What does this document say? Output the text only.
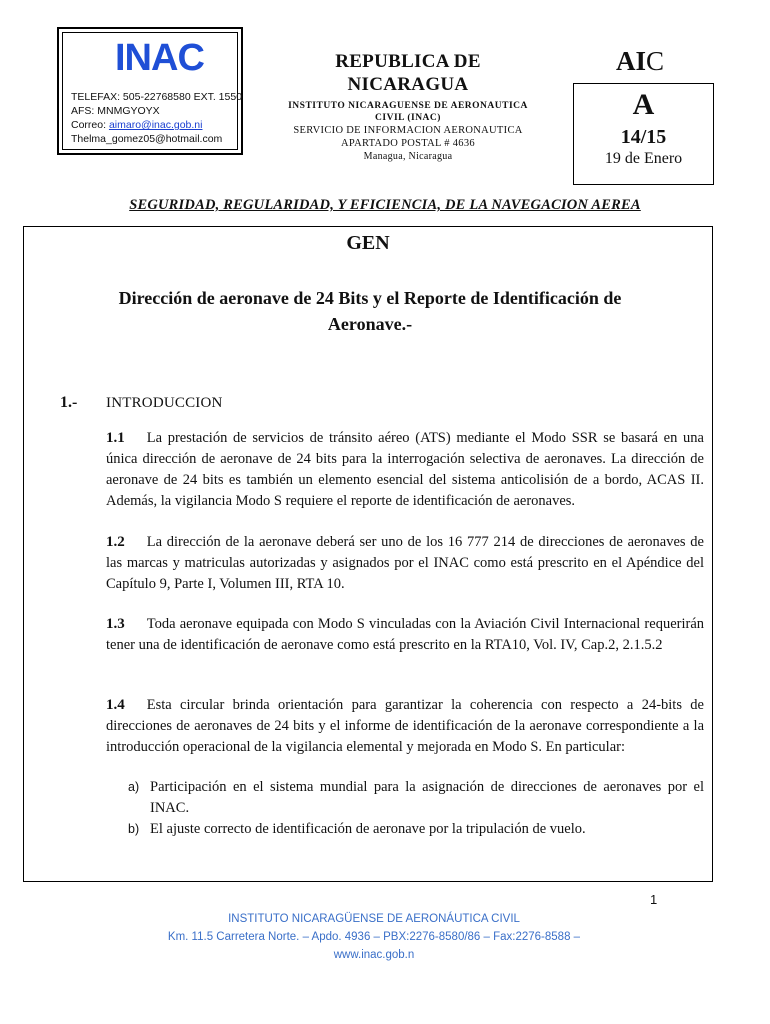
INAC
TELEFAX: 505-22768580 EXT. 1550
AFS: MNMGYOYX
Correo: aimaro@inac.gob.ni
Thelma_gomez05@hotmail.com
REPUBLICA DE
NICARAGUA
INSTITUTO NICARAGUENSE DE AERONAUTICA
CIVIL (INAC)
SERVICIO DE INFORMACION AERONAUTICA
APARTADO POSTAL # 4636
Managua, Nicaragua
AIC
A
14/15
19 de Enero
SEGURIDAD, REGULARIDAD, Y EFICIENCIA, DE LA NAVEGACION AEREA
GEN
Dirección de aeronave de 24 Bits y el Reporte de Identificación de
Aeronave.-
1.- INTRODUCCION
1.1 La prestación de servicios de tránsito aéreo (ATS) mediante el Modo SSR se basará en una única dirección de aeronave de 24 bits para la interrogación selectiva de aeronaves. La dirección de aeronave de 24 bits es también un elemento esencial del sistema anticolisión de a bordo, ACAS II. Además, la vigilancia Modo S requiere el reporte de identificación de aeronaves.
1.2 La dirección de la aeronave deberá ser uno de los 16 777 214 de direcciones de aeronaves de las marcas y matriculas autorizadas y asignados por el INAC como está prescrito en el Apéndice del Capítulo 9, Parte I, Volumen III, RTA 10.
1.3 Toda aeronave equipada con Modo S vinculadas con la Aviación Civil Internacional requerirán tener una de identificación de aeronave como está prescrito en la RTA10, Vol. IV, Cap.2, 2.1.5.2
1.4 Esta circular brinda orientación para garantizar la coherencia con respecto a 24-bits de direcciones de aeronaves de 24 bits y el informe de identificación de la aeronave correspondiente a la introducción operacional de la vigilancia elemental y mejorada en Modo S. En particular:
a) Participación en el sistema mundial para la asignación de direcciones de aeronaves por el INAC.
b) El ajuste correcto de identificación de aeronave por la tripulación de vuelo.
1
INSTITUTO NICARAGÜENSE DE AERONÁUTICA CIVIL
Km. 11.5 Carretera Norte. – Apdo. 4936 – PBX:2276-8580/86 – Fax:2276-8588 –
www.inac.gob.n
